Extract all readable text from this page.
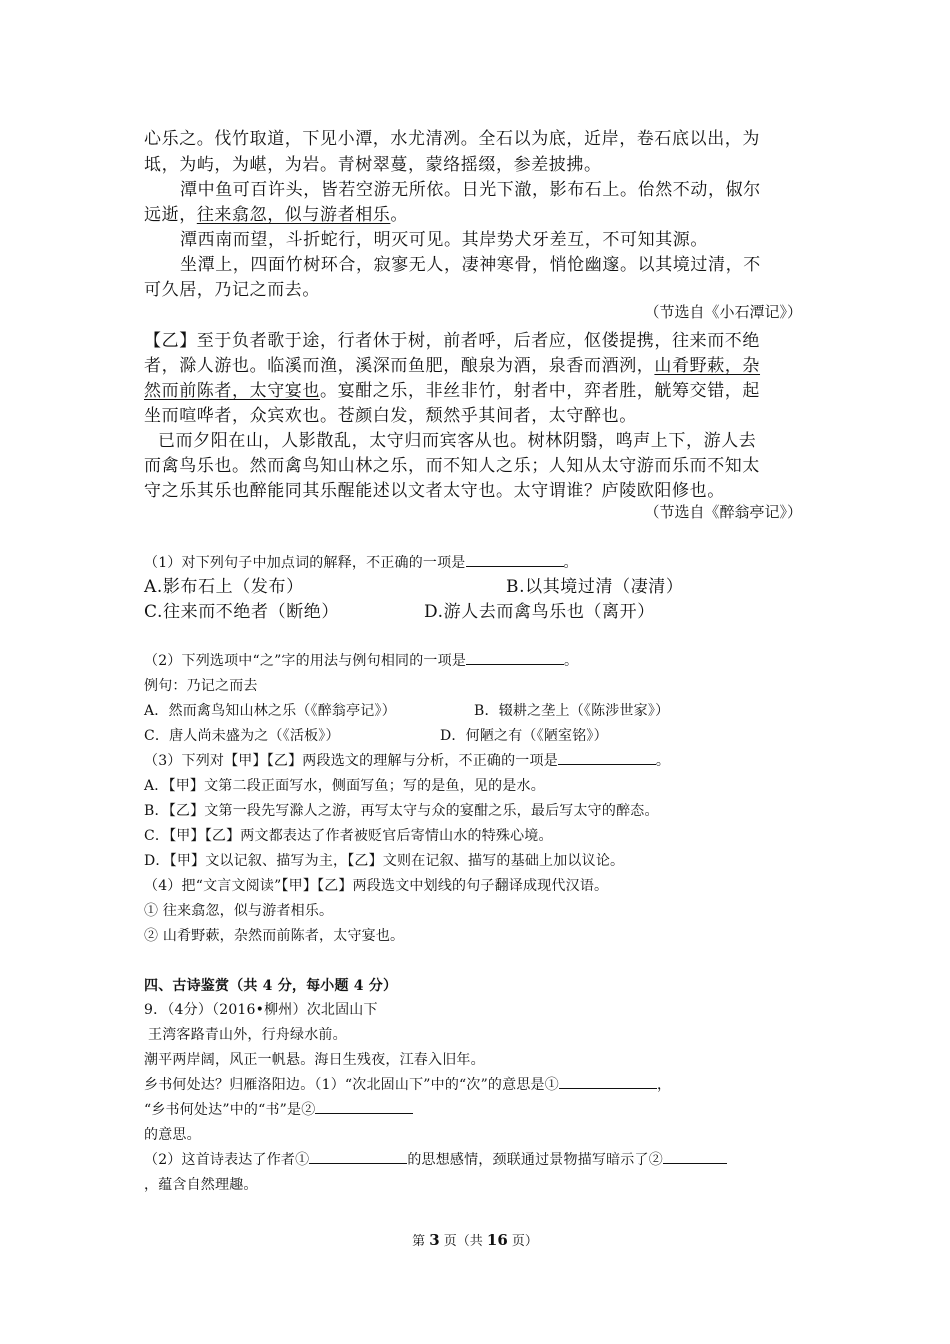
心乐之。伐竹取道，下见小潭，水尤清冽。全石以为底，近岸，卷石底以出，为
坻，为屿，为嵁，为岩。青树翠蔓，蒙络摇缀，参差披拂。
潭中鱼可百许头，皆若空游无所依。日光下澈，影布石上。佁然不动，俶尔
远逝，往来翕忽，似与游者相乐。
潭西南而望，斗折蛇行，明灭可见。其岸势犬牙差互，不可知其源。
坐潭上，四面竹树环合，寂寥无人，凄神寒骨，悄怆幽邃。以其境过清，不
可久居，乃记之而去。
（节选自《小石潭记》）
【乙】至于负者歌于途，行者休于树，前者呼，后者应，伛偻提携，往来而不绝
者，滁人游也。临溪而渔，溪深而鱼肥，酿泉为酒，泉香而酒洌，山肴野蔌，杂
然而前陈者，太守宴也。宴酣之乐，非丝非竹，射者中，弈者胜，觥筹交错，起
坐而喧哗者，众宾欢也。苍颜白发，颓然乎其间者，太守醉也。
已而夕阳在山，人影散乱，太守归而宾客从也。树林阴翳，鸣声上下，游人去
而禽鸟乐也。然而禽鸟知山林之乐，而不知人之乐；人知从太守游而乐而不知太
守之乐其乐也醉能同其乐醒能述以文者太守也。太守谓谁？庐陵欧阳修也。
（节选自《醉翁亭记》）
（1）对下列句子中加点词的解释，不正确的一项是	。
A.影布石上（发布）	B.以其境过清（凄清）
C.往来而不绝者（断绝）	D.游人去而禽鸟乐也（离开）
（2）下列选项中“之”字的用法与例句相同的一项是	。
例句：乃记之而去
A．然而禽鸟知山林之乐（《醉翁亭记》）	B．辍耕之垄上（《陈涉世家》）
C．唐人尚未盛为之（《活板》）	D．何陋之有（《陋室铭》）
（3）下列对【甲】【乙】两段选文的理解与分析，不正确的一项是	。
A．【甲】文第二段正面写水，侧面写鱼；写的是鱼，见的是水。
B．【乙】文第一段先写滁人之游，再写太守与众的宴酣之乐，最后写太守的醉态。
C．【甲】【乙】两文都表达了作者被贬官后寄情山水的特殊心境。
D．【甲】文以记叙、描写为主，【乙】文则在记叙、描写的基础上加以议论。
（4）把“文言文阅读”【甲】【乙】两段选文中划线的句子翻译成现代汉语。
① 往来翕忽，似与游者相乐。
② 山肴野蔌，杂然而前陈者，太守宴也。
四、古诗鉴赏（共 4 分，每小题 4 分）
9．（4分）（2016•柳州）次北固山下
王湾客路青山外，行舟绿水前。
潮平两岸阔，风正一帆悬。海日生残夜，江春入旧年。
乡书何处达？归雁洛阳边。（1）“次北固山下”中的“次”的意思是①	，
“乡书何处达”中的“书”是②
的意思。
（2）这首诗表达了作者①	的思想感情，颈联通过景物描写暗示了②
，蕴含自然理趣。
第 3 页（共 16 页）
